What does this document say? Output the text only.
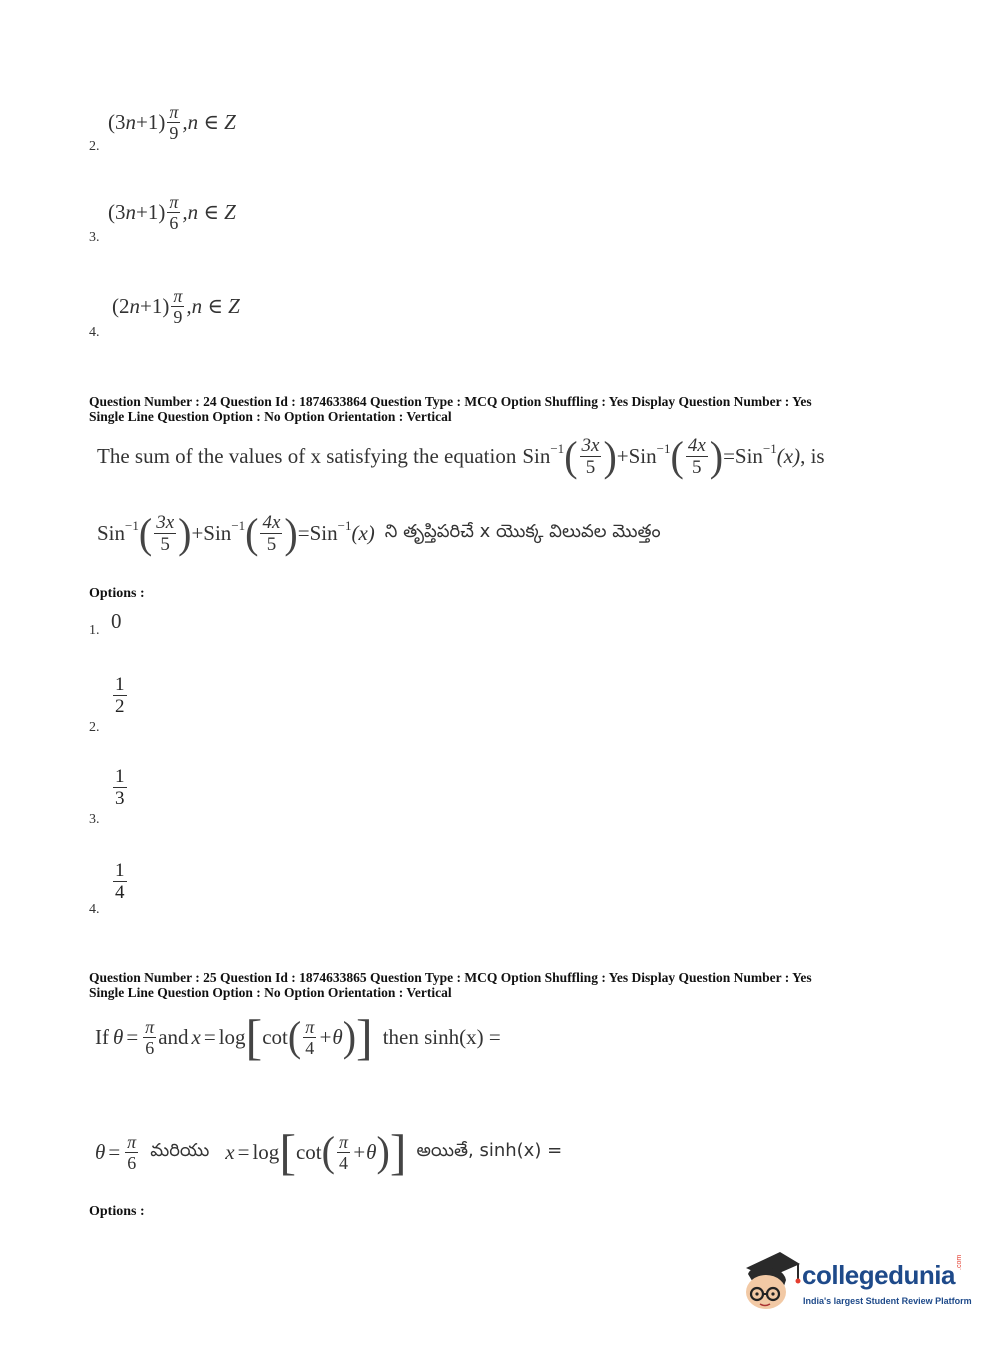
2.
(3 $n +1) \frac{\pi}{9} ,n$ ∈ Z
3.
(3 $n +1) \frac{\pi}{6} ,n$ ∈ Z
4.
(2 $n +1) \frac{\pi}{9} ,n$ ∈ Z
Question Number : 24 Question Id : 1874633864 Question Type : MCQ Option Shuffling : Yes Display Question Number : Yes
Single Line Question Option : No Option Orientation : Vertical
The sum of the values of x satisfying the equation Sin −1 ( $\frac{3x}{5}$ ) + Sin −1 ( $\frac{4x}{5}$ ) = Sin −1 (x) , is
Sin −1 ( $\frac{3x}{5}$ ) + Sin −1 ( $\frac{4x}{5}$ ) = Sin −1 (x) ని తృప్తిపరిచే x యొక్క విలువల మొత్తం
Options :
1. 0
2.
$\frac{1}{2}$
3.
$\frac{1}{3}$
4.
$\frac{1}{4}$
Question Number : 25 Question Id : 1874633865 Question Type : MCQ Option Shuffling : Yes Display Question Number : Yes
Single Line Question Option : No Option Orientation : Vertical
If $\theta = \frac{\pi}{6}$ and x = log [ cot ( $\frac{\pi}{4} +\theta$ ) ] then sinh(x) =
$\theta = \frac{\pi}{6}$ మరియు x = log [ cot ( $\frac{\pi}{4} +\theta$ ) ] అయితే, sinh(x) =
Options :
collegedunia .com
India's largest Student Review Platform
